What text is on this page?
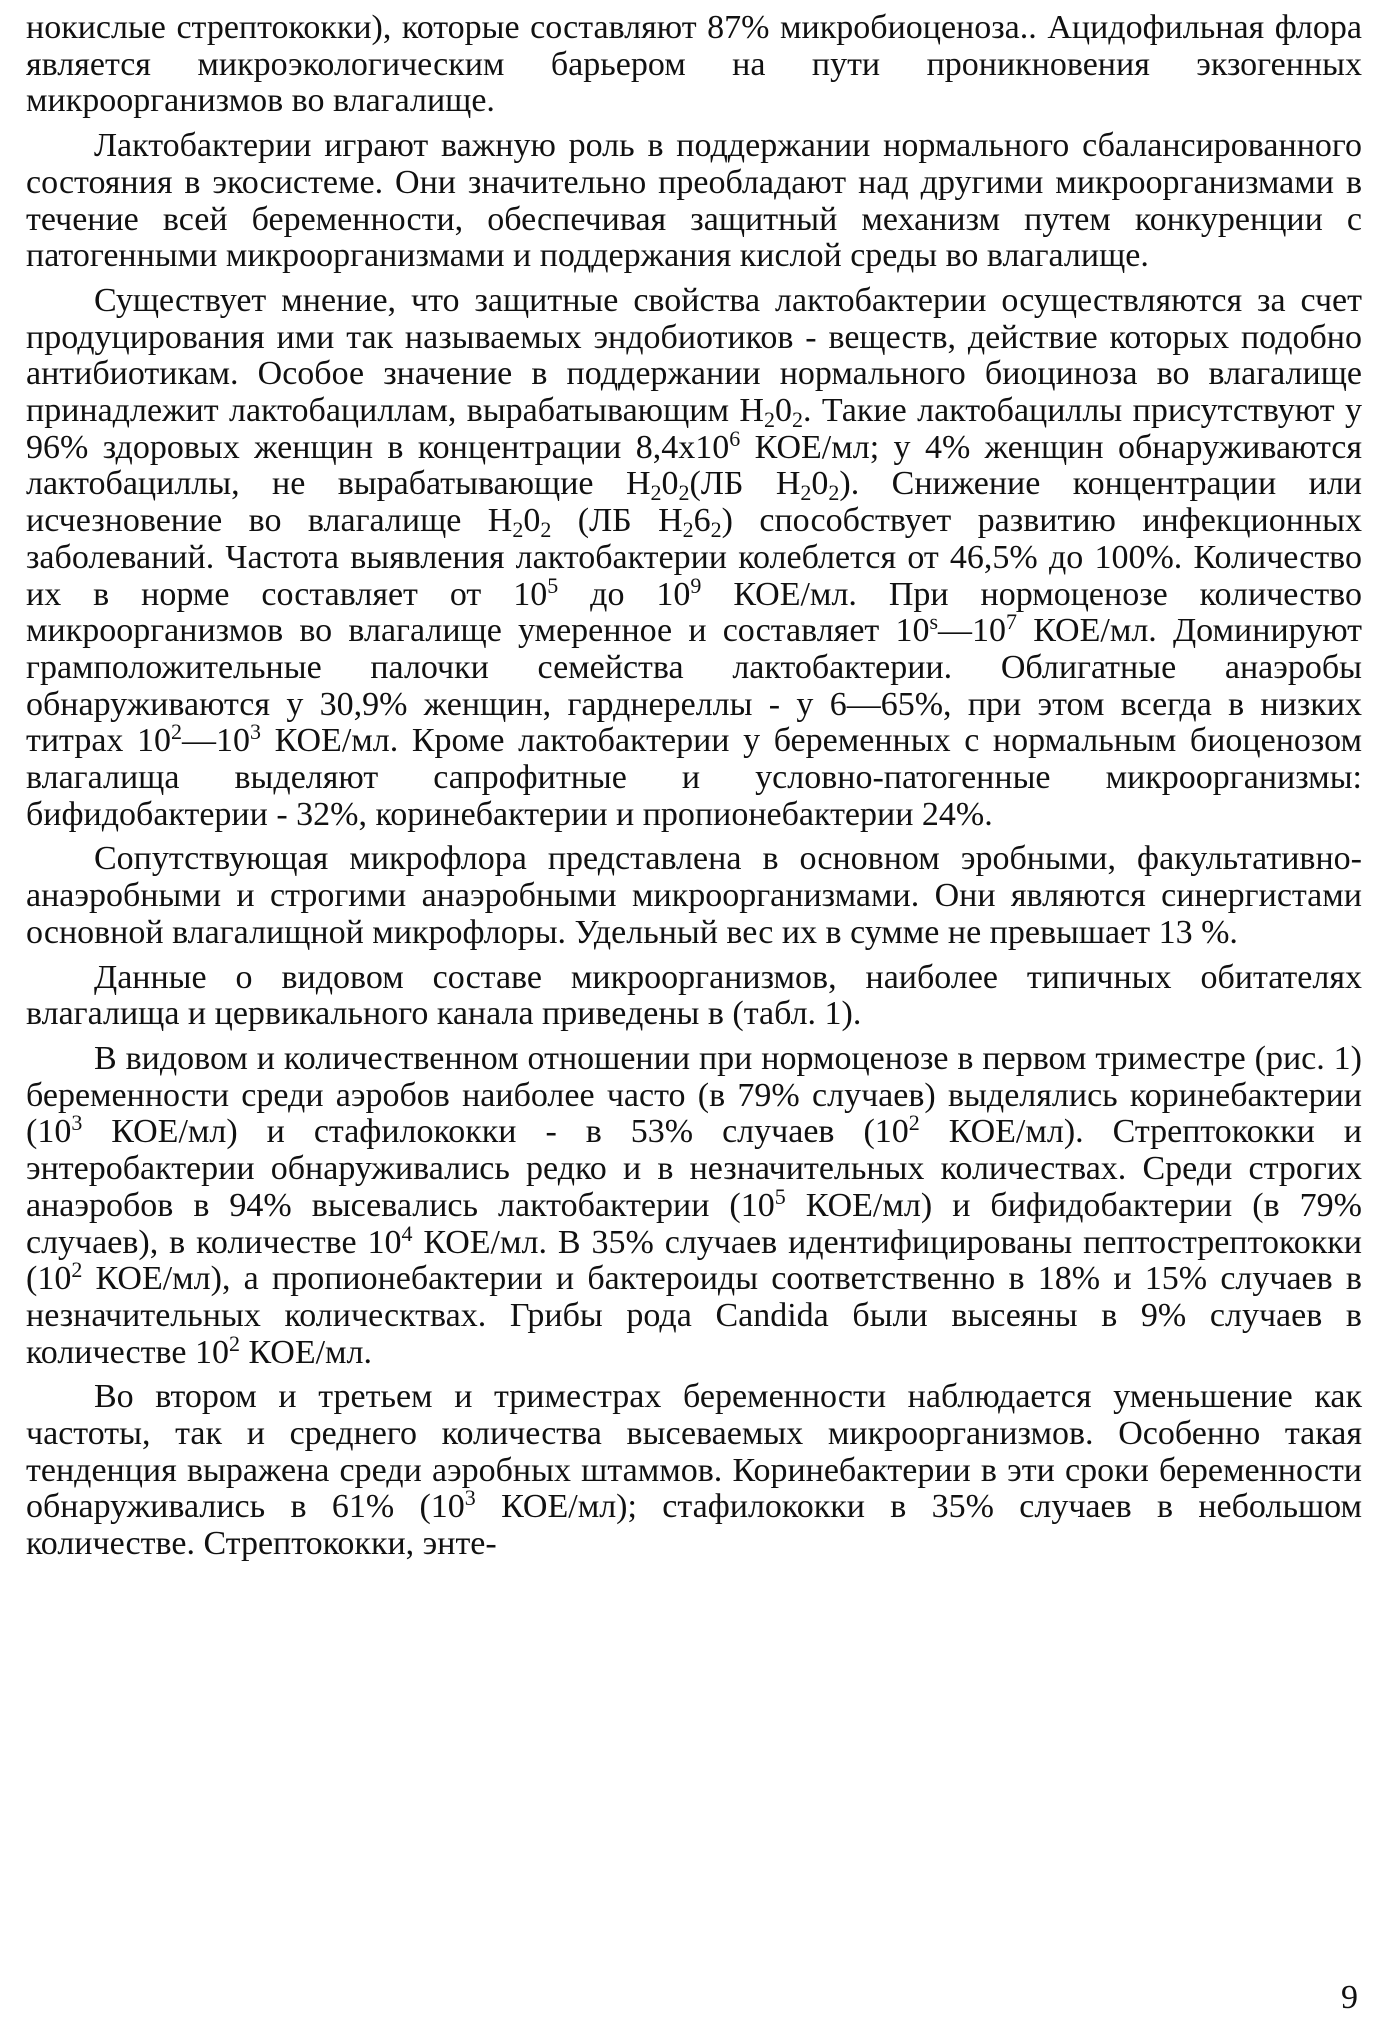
нокислые стрептококки), которые составляют 87% микробиоценоза.. Ацидофильная флора является микроэкологическим барьером на пути проникновения экзогенных микроорганизмов во влагалище.

Лактобактерии играют важную роль в поддержании нормального сбалансированного состояния в экосистеме. Они значительно преобладают над другими микроорганизмами в течение всей беременности, обеспечивая защитный механизм путем конкуренции с патогенными микроорганизмами и поддержания кислой среды во влагалище.

Существует мнение, что защитные свойства лактобактерии осуществляются за счет продуцирования ими так называемых эндобиотиков - веществ, действие которых подобно антибиотикам. Особое значение в поддержании нормального биоциноза во влагалище принадлежит лактобациллам, вырабатывающим $Н_20_2$. Такие лактобациллы присутствуют у 96% здоровых женщин в концентрации $8,4х10^6$ КОЕ/мл; у 4% женщин обнаруживаются лактобациллы, не вырабатывающие $Н_20_2(ЛБ$ $Н_20_2$). Снижение концентрации или исчезновение во влагалище $Н_20_2$ (ЛБ $Н_26_2$) способствует развитию инфекционных заболеваний. Частота выявления лактобактерии колеблется от 46,5% до 100%. Количество их в норме составляет от $10^5$ до $10^9$ КОЕ/мл. При нормоценозе количество микроорганизмов во влагалище умеренное и составляет $10^s—10^7$ КОЕ/мл. Доминируют грамположительные палочки семейства лактобактерии. Облигатные анаэробы обнаруживаются у 30,9% женщин, гарднереллы - у 6—65%, при этом всегда в низких титрах $10^2—10^3$ КОЕ/мл. Кроме лактобактерии у беременных с нормальным биоценозом влагалища выделяют сапрофитные и условно-патогенные микроорганизмы: бифидобактерии - 32%, коринебактерии и пропионебактерии 24%.

Сопутствующая микрофлора представлена в основном эробными, факультативно-анаэробными и строгими анаэробными микроорганизмами. Они являются синергистами основной влагалищной микрофлоры. Удельный вес их в сумме не превышает 13 %.

Данные о видовом составе микроорганизмов, наиболее типичных обитателях влагалища и цервикального канала приведены в (табл. 1).

В видовом и количественном отношении при нормоценозе в первом триместре (рис. 1) беременности среди аэробов наиболее часто (в 79% случаев) выделялись коринебактерии ($10^3$ КОЕ/мл) и стафилококки - в 53% случаев ($10^2$ КОЕ/мл). Стрептококки и энтеробактерии обнаруживались редко и в незначительных количествах. Среди строгих анаэробов в 94% высевались лактобактерии ($10^5$ КОЕ/мл) и бифидобактерии (в 79% случаев), в количестве $10^4$ КОЕ/мл. В 35% случаев идентифицированы пептострептококки ($10^2$ КОЕ/мл), а пропионебактерии и бактероиды соответственно в 18% и 15% случаев в незначительных колическтвах. Грибы рода Candida были высеяны в 9% случаев в количестве $10^2$ КОЕ/мл.

Во втором и третьем и триместрах беременности наблюдается уменьшение как частоты, так и среднего количества высеваемых микроорганизмов. Особенно такая тенденция выражена среди аэробных штаммов. Коринебактерии в эти сроки беременности обнаруживались в 61% ($10^3$ КОЕ/мл); стафилококки в 35% случаев в небольшом количестве. Стрептококки, энте-

9
